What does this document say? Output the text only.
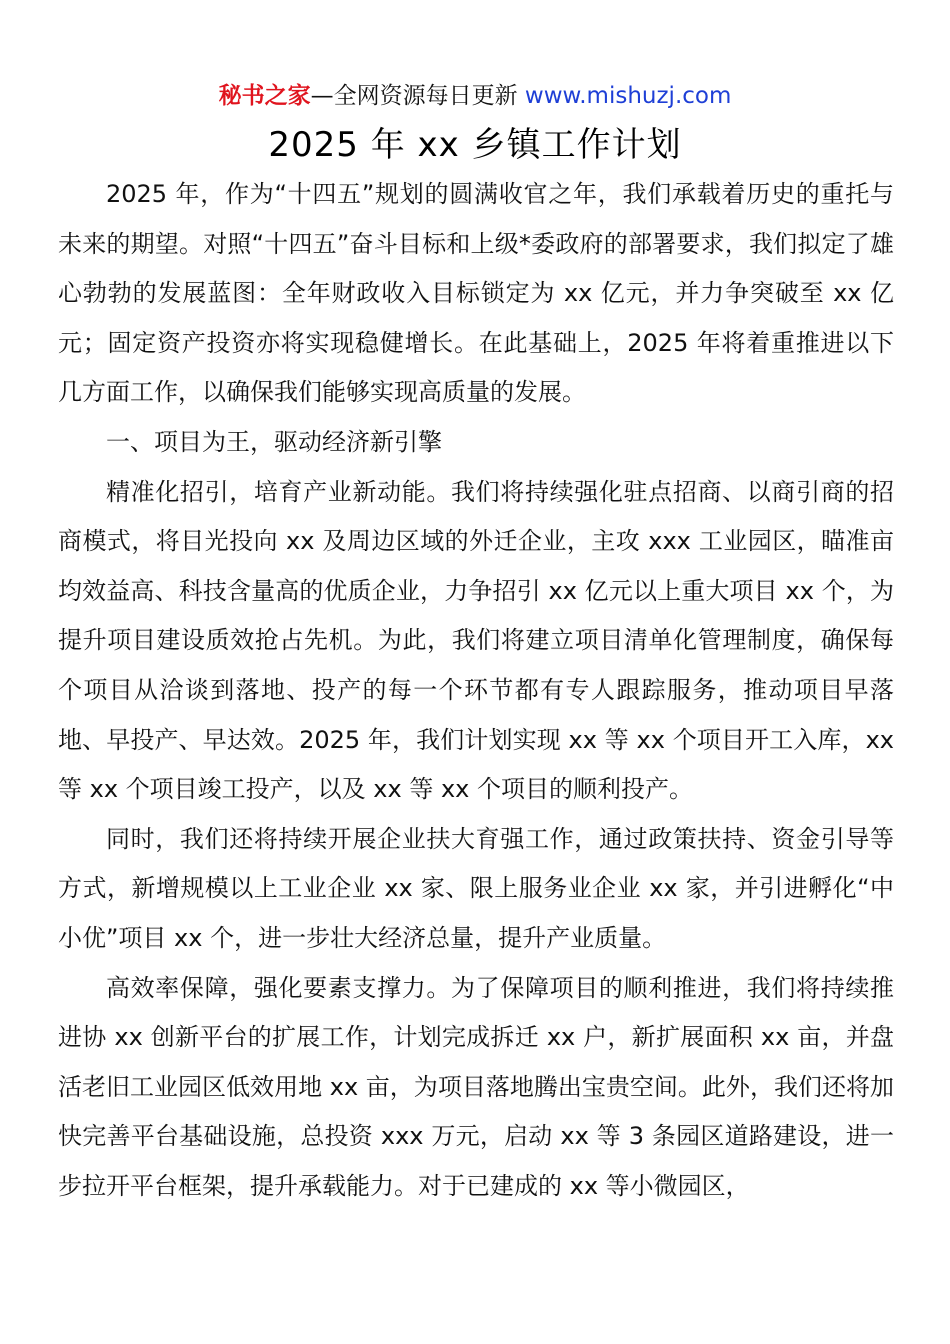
秘书之家—全网资源每日更新 www.mishuzj.com
2025 年 xx 乡镇工作计划

2025 年，作为“十四五”规划的圆满收官之年，我们承载着历史的重托与未来的期望。对照“十四五”奋斗目标和上级*委政府的部署要求，我们拟定了雄心勃勃的发展蓝图：全年财政收入目标锁定为 xx 亿元，并力争突破至 xx 亿元；固定资产投资亦将实现稳健增长。在此基础上，2025 年将着重推进以下几方面工作，以确保我们能够实现高质量的发展。

一、项目为王，驱动经济新引擎

精准化招引，培育产业新动能。我们将持续强化驻点招商、以商引商的招商模式，将目光投向 xx 及周边区域的外迁企业，主攻 xxx 工业园区，瞄准亩均效益高、科技含量高的优质企业，力争招引 xx 亿元以上重大项目 xx 个，为提升项目建设质效抢占先机。为此，我们将建立项目清单化管理制度，确保每个项目从洽谈到落地、投产的每一个环节都有专人跟踪服务，推动项目早落地、早投产、早达效。2025 年，我们计划实现 xx 等 xx 个项目开工入库，xx 等 xx 个项目竣工投产，以及 xx 等 xx 个项目的顺利投产。

同时，我们还将持续开展企业扶大育强工作，通过政策扶持、资金引导等方式，新增规模以上工业企业 xx 家、限上服务业企业 xx 家，并引进孵化“中小优”项目 xx 个，进一步壮大经济总量，提升产业质量。

高效率保障，强化要素支撑力。为了保障项目的顺利推进，我们将持续推进协 xx 创新平台的扩展工作，计划完成拆迁 xx 户，新扩展面积 xx 亩，并盘活老旧工业园区低效用地 xx 亩，为项目落地腾出宝贵空间。此外，我们还将加快完善平台基础设施，总投资 xxx 万元，启动 xx 等 3 条园区道路建设，进一步拉开平台框架，提升承载能力。对于已建成的 xx 等小微园区，
